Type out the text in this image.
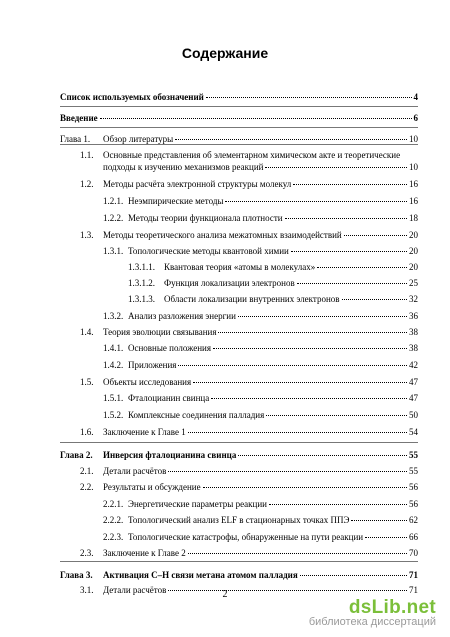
Содержание
Список используемых обозначений	4
Введение	6
Глава 1.	Обзор литературы	10
1.1.	Основные представления об элементарном химическом акте и теоретические
подходы к изучению механизмов реакций	10
1.2.	Методы расчёта электронной структуры молекул	16
1.2.1. Неэмпирические методы	16
1.2.2. Методы теории функционала плотности	18
1.3.	Методы теоретического анализа межатомных взаимодействий	20
1.3.1. Топологические методы квантовой химии	20
1.3.1.1.	Квантовая теория «атомы в молекулах»	20
1.3.1.2.	Функция локализации электронов	25
1.3.1.3.	Области локализации внутренних электронов	32
1.3.2. Анализ разложения энергии	36
1.4.	Теория эволюции связывания	38
1.4.1. Основные положения	38
1.4.2. Приложения	42
1.5.	Объекты исследования	47
1.5.1. Фталоцианин свинца	47
1.5.2. Комплексные соединения палладия	50
1.6.	Заключение к Главе 1	54
Глава 2.	Инверсия фталоцианина свинца	55
2.1.	Детали расчётов	55
2.2.	Результаты и обсуждение	56
2.2.1. Энергетические параметры реакции	56
2.2.2. Топологический анализ ELF в стационарных точках ППЭ	62
2.2.3. Топологические катастрофы, обнаруженные на пути реакции	66
2.3.	Заключение к Главе 2	70
Глава 3.	Активация C–H связи метана атомом палладия	71
3.1.	Детали расчётов	71
2
dsLib.net
библиотека диссертаций
